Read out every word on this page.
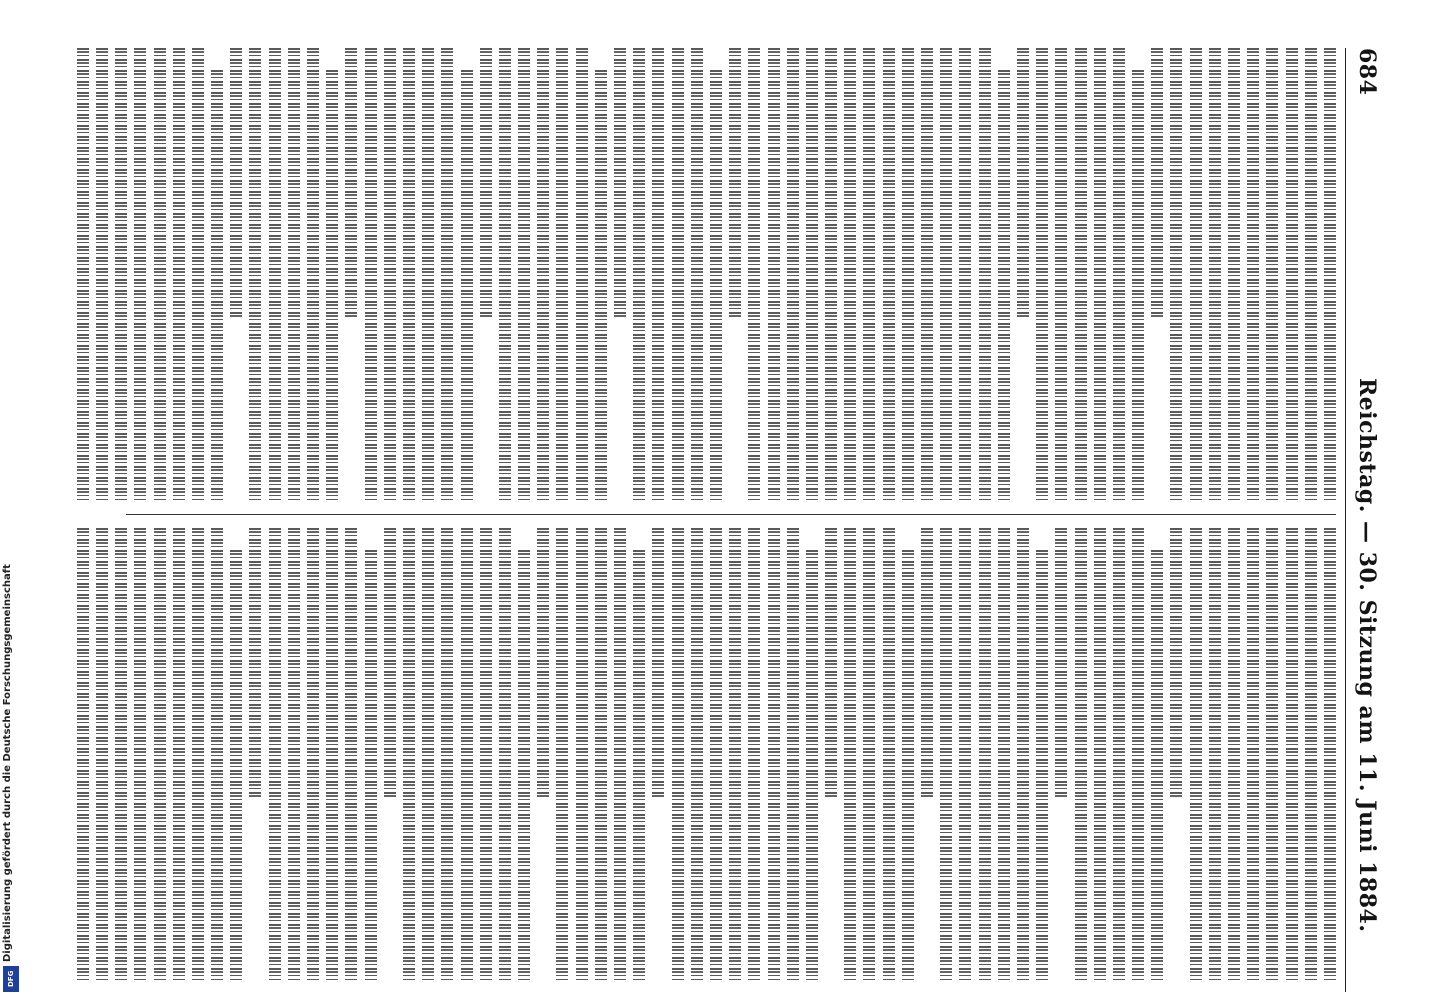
DFG
Digitalisierung gefördert durch die Deutsche Forschungsgemeinschaft
684
Reichstag. — 30. Sitzung am 11. Juni 1884.
